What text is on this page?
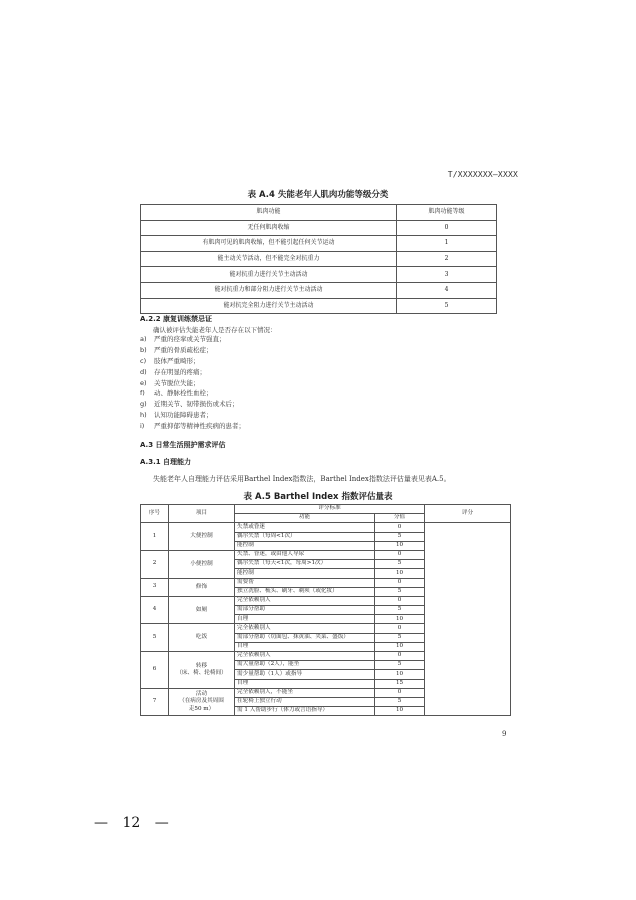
T/XXXXXXX—XXXX
表 A.4 失能老年人肌肉功能等级分类
肌肉功能	肌肉功能等级
无任何肌肉收缩	0
有肌肉可见的肌肉收缩，但不能引起任何关节运动	1
能主动关节活动，但不能完全对抗重力	2
能对抗重力进行关节主动活动	3
能对抗重力和部分阻力进行关节主动活动	4
能对抗完全阻力进行关节主动活动	5
A.2.2 康复训练禁忌证
确认被评估失能老年人是否存在以下情况：
a) 严重的痉挛或关节强直；
b) 严重的骨质疏松症；
c) 肢体严重畸形；
d) 存在明显的疼痛；
e) 关节脱位失能；
f) 动、静脉栓性血栓；
g) 近期关节、韧带损伤或术后；
h) 认知功能障碍患者；
i) 严重抑郁等精神性疾病的患者；
A.3 日常生活照护需求评估
A.3.1 自理能力
失能老年人自理能力评估采用Barthel Index指数法，Barthel Index指数法评估量表见表A.5。
表 A.5 Barthel Index 指数评估量表
序号	项目	评分标准		评分
		功能	分值	
1	大便控制	失禁或昏迷	0	
		偶尔失禁（每周<1次）	5	
		能控制	10	
2	小便控制	失禁、昏迷，或由他人导尿	0	
		偶尔失禁（每天<1次，每周>1次）	5	
		能控制	10	
3	修饰	需要帮	0	
		独立洗脸、梳头、刷牙、剃须（或化妆）	5	
4	如厕	完全依赖别人	0	
		需部分帮助	5	
		自理	10	
5	吃饭	完全依赖别人	0	
		需部分帮助（切面包、抹黄油、夹菜、盛饭）	5	
		自理	10	
6	转移
（床、椅、轮椅间）	完全依赖别人	0	
		需大量帮助（2人），能坐	5	
		需少量帮助（1人）或指导	10	
		自理	15	
7	活动
（在病房及其周围
走50 m）	完全依赖别人，不能坐	0	
		在轮椅上独立行动	5	
		需 1 人帮助步行（体力或言语指导）	10	
9
— 12 —
